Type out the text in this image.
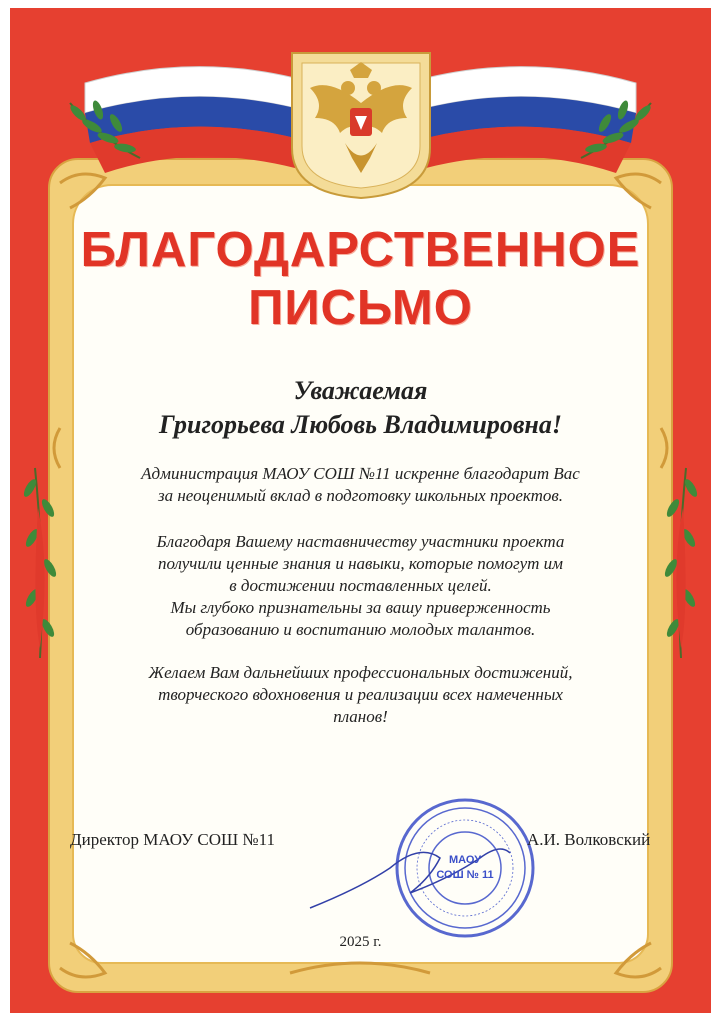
МАОУ
СОШ № 11
БЛАГОДАРСТВЕННОЕ
ПИСЬМО
Уважаемая
Григорьева Любовь Владимировна!
Администрация МАОУ СОШ №11 искренне благодарит Вас
за неоценимый вклад в подготовку школьных проектов.
Благодаря Вашему наставничеству участники проекта
получили ценные знания и навыки, которые помогут им
в достижении поставленных целей.
Мы глубоко признательны за вашу приверженность
образованию и воспитанию молодых талантов.
Желаем Вам дальнейших профессиональных достижений,
творческого вдохновения и реализации всех намеченных
планов!
Директор МАОУ СОШ №11	А.И. Волковский
2025 г.
